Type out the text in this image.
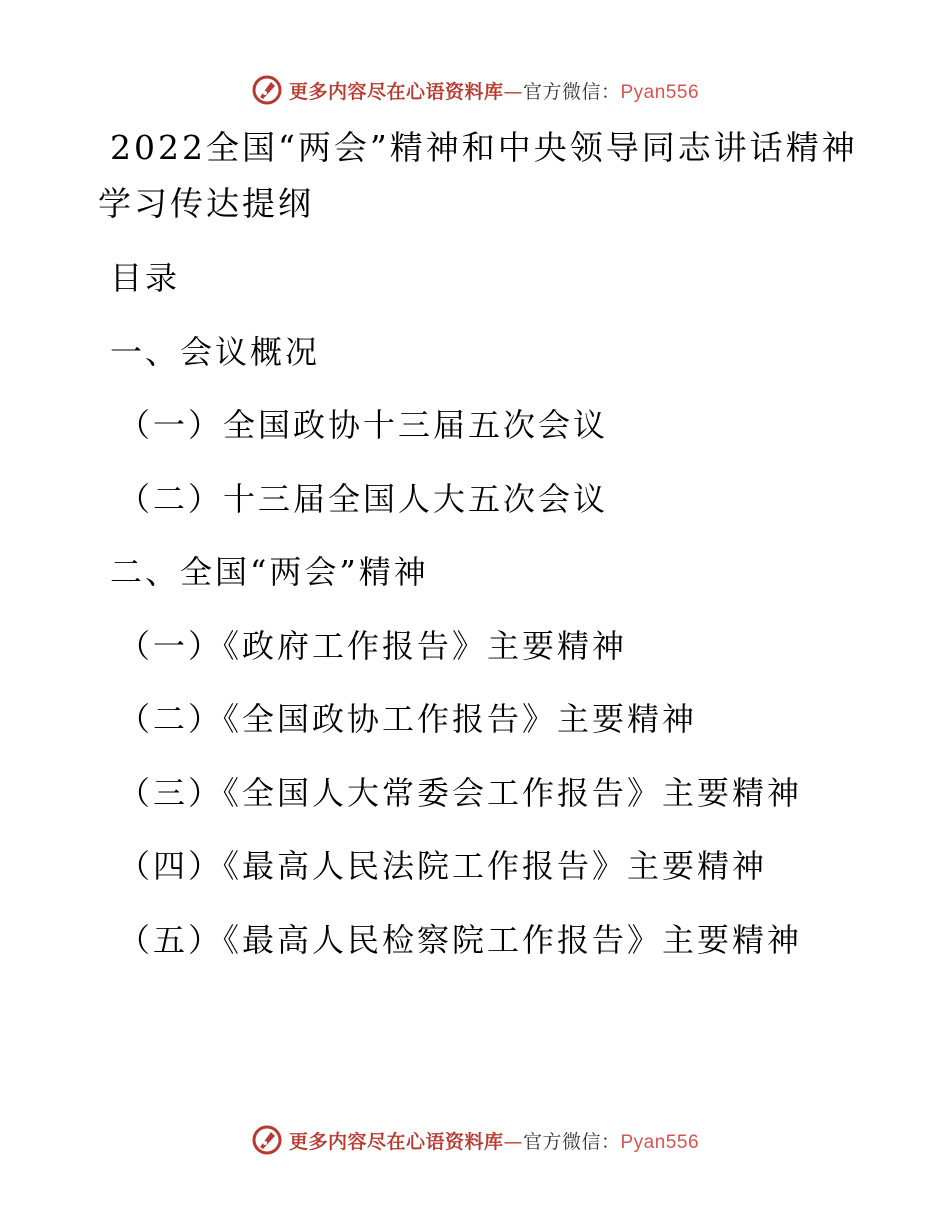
更多内容尽在心语资料库—官方微信：Pyan556
2022全国“两会”精神和中央领导同志讲话精神
学习传达提纲
目录
一、会议概况
（一）全国政协十三届五次会议
（二）十三届全国人大五次会议
二、全国“两会”精神
（一）《政府工作报告》主要精神
（二）《全国政协工作报告》主要精神
（三）《全国人大常委会工作报告》主要精神
（四）《最高人民法院工作报告》主要精神
（五）《最高人民检察院工作报告》主要精神
更多内容尽在心语资料库—官方微信：Pyan556
